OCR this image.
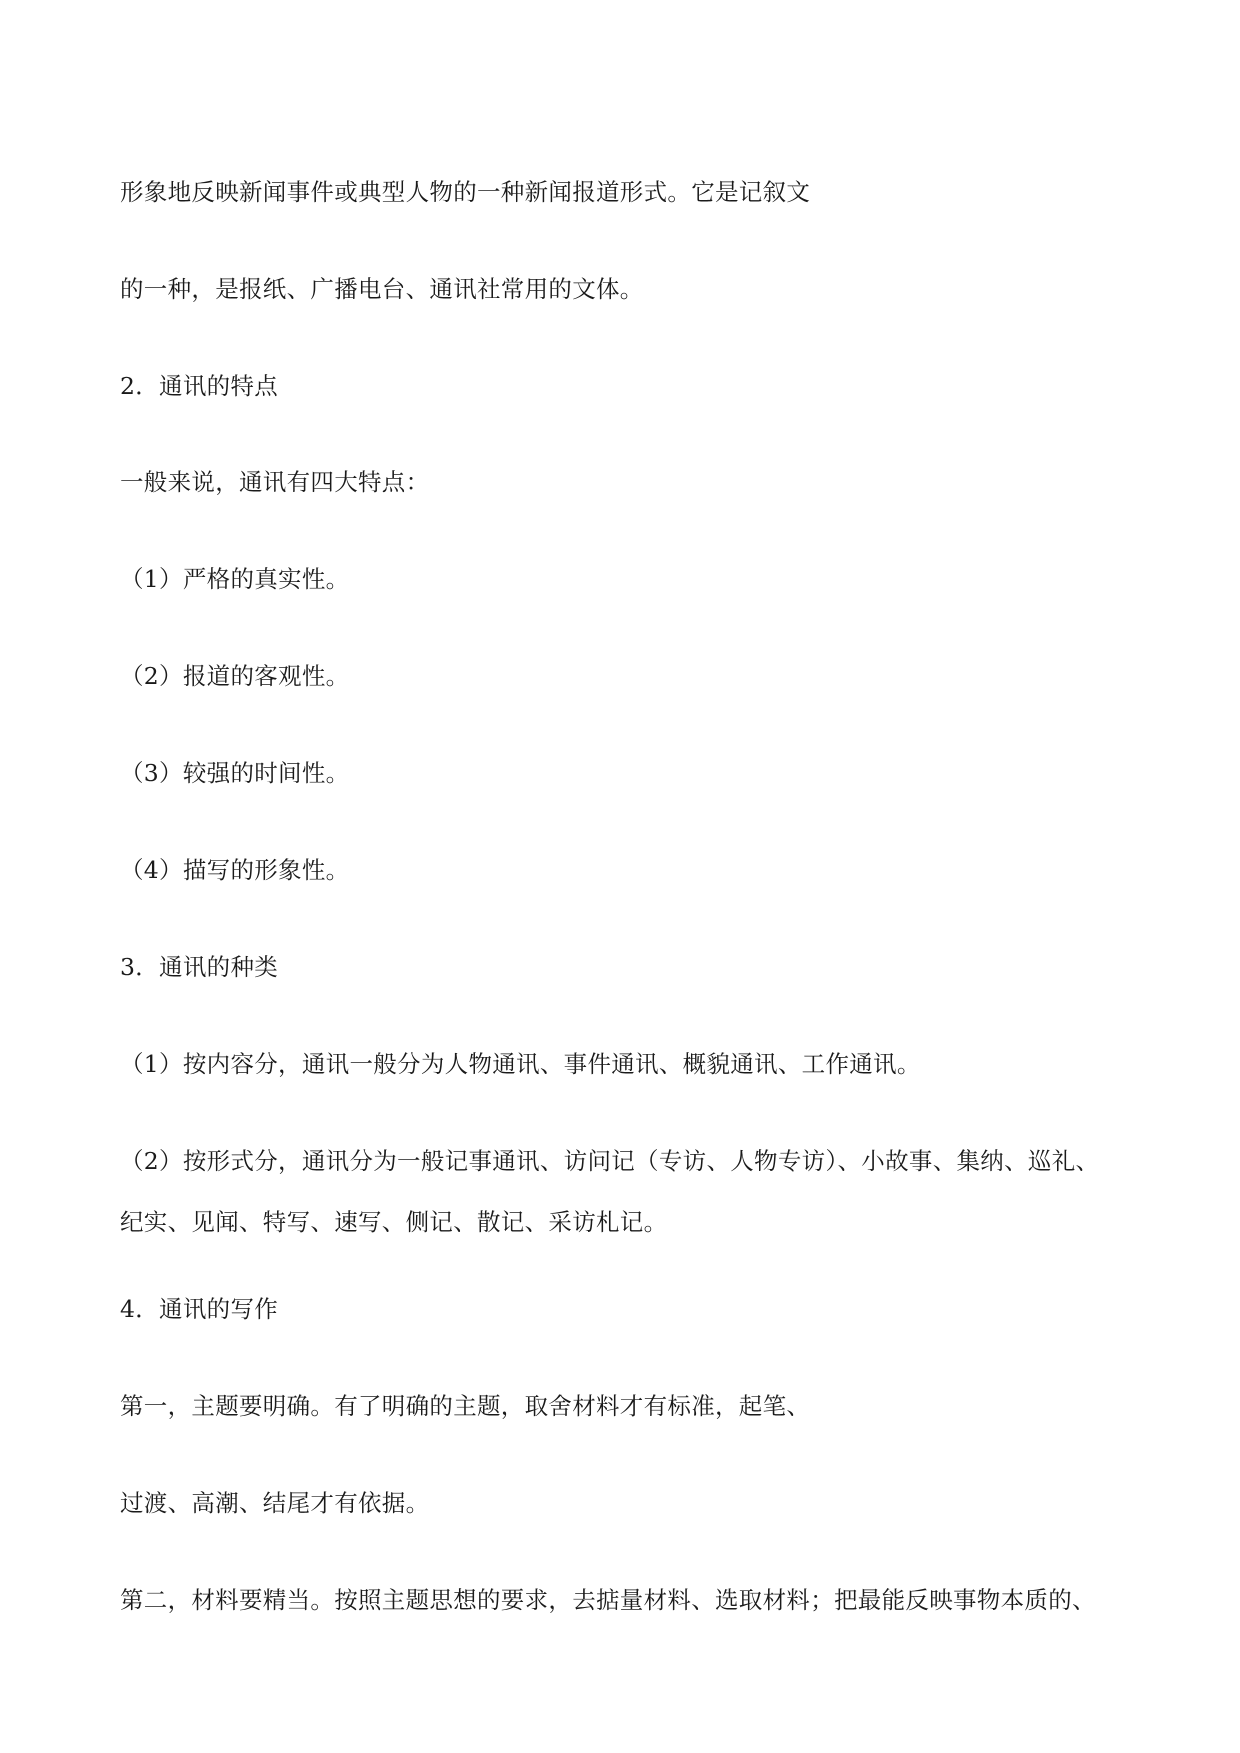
形象地反映新闻事件或典型人物的一种新闻报道形式。它是记叙文
的一种，是报纸、广播电台、通讯社常用的文体。
2．通讯的特点
一般来说，通讯有四大特点：
（1）严格的真实性。
（2）报道的客观性。
（3）较强的时间性。
（4）描写的形象性。
3．通讯的种类
（1）按内容分，通讯一般分为人物通讯、事件通讯、概貌通讯、工作通讯。
（2）按形式分，通讯分为一般记事通讯、访问记（专访、人物专访）、小故事、集纳、巡礼、
纪实、见闻、特写、速写、侧记、散记、采访札记。
4．通讯的写作
第一，主题要明确。有了明确的主题，取舍材料才有标准，起笔、
过渡、高潮、结尾才有依据。
第二，材料要精当。按照主题思想的要求，去掂量材料、选取材料；把最能反映事物本质的、
